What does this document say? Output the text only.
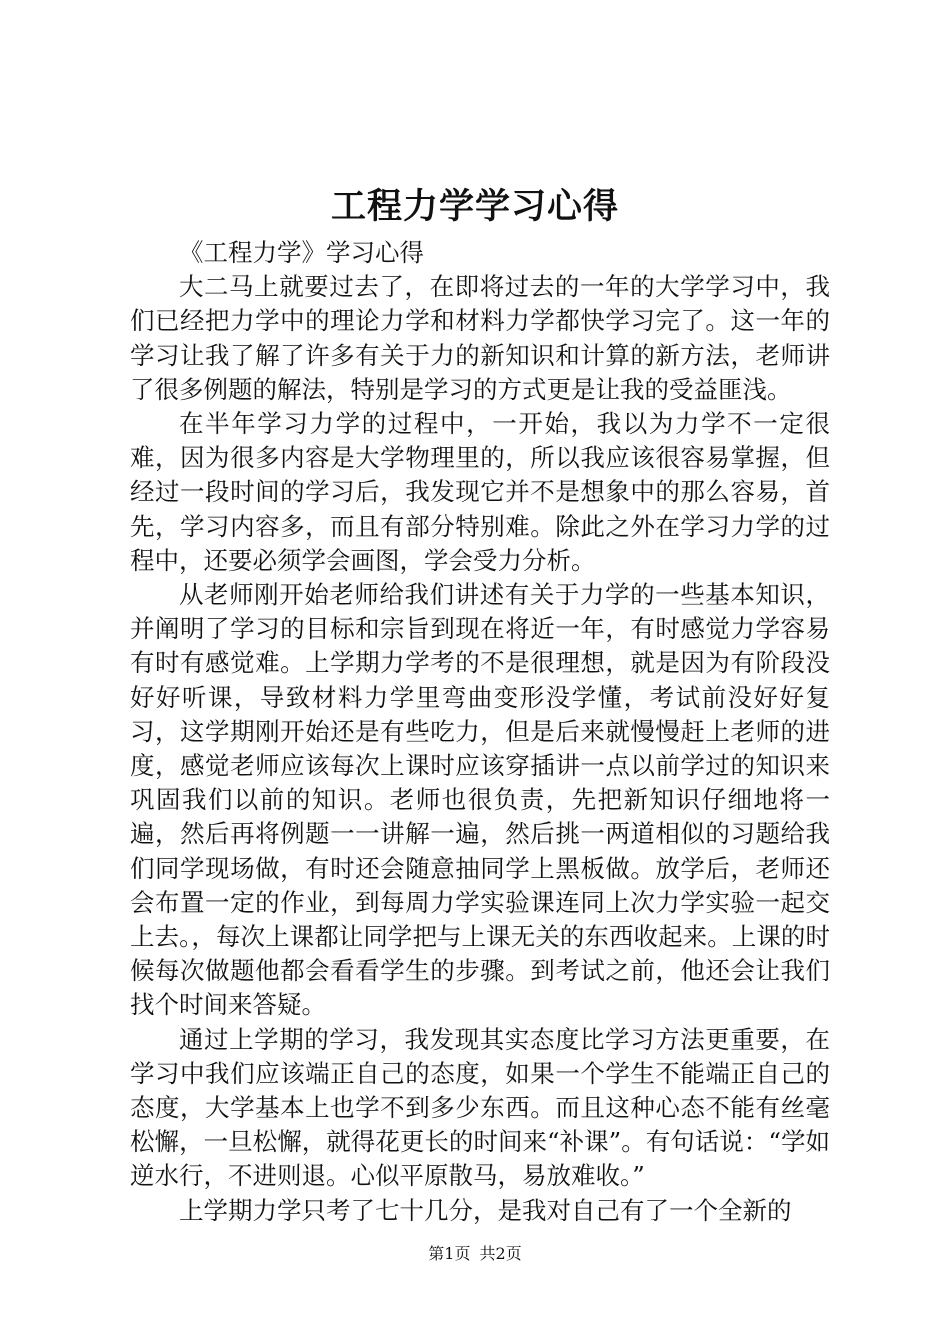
工程力学学习心得

《工程力学》学习心得

大二马上就要过去了，在即将过去的一年的大学学习中，我们已经把力学中的理论力学和材料力学都快学习完了。这一年的学习让我了解了许多有关于力的新知识和计算的新方法，老师讲了很多例题的解法，特别是学习的方式更是让我的受益匪浅。

在半年学习力学的过程中，一开始，我以为力学不一定很难，因为很多内容是大学物理里的，所以我应该很容易掌握，但经过一段时间的学习后，我发现它并不是想象中的那么容易，首先，学习内容多，而且有部分特别难。除此之外在学习力学的过程中，还要必须学会画图，学会受力分析。

从老师刚开始老师给我们讲述有关于力学的一些基本知识，并阐明了学习的目标和宗旨到现在将近一年，有时感觉力学容易有时有感觉难。上学期力学考的不是很理想，就是因为有阶段没好好听课，导致材料力学里弯曲变形没学懂，考试前没好好复习，这学期刚开始还是有些吃力，但是后来就慢慢赶上老师的进度，感觉老师应该每次上课时应该穿插讲一点以前学过的知识来巩固我们以前的知识。老师也很负责，先把新知识仔细地将一遍，然后再将例题一一讲解一遍，然后挑一两道相似的习题给我们同学现场做，有时还会随意抽同学上黑板做。放学后，老师还会布置一定的作业，到每周力学实验课连同上次力学实验一起交上去。，每次上课都让同学把与上课无关的东西收起来。上课的时候每次做题他都会看看学生的步骤。到考试之前，他还会让我们找个时间来答疑。

通过上学期的学习，我发现其实态度比学习方法更重要，在学习中我们应该端正自己的态度，如果一个学生不能端正自己的态度，大学基本上也学不到多少东西。而且这种心态不能有丝毫松懈，一旦松懈，就得花更长的时间来“补课”。有句话说：“学如逆水行，不进则退。心似平原散马，易放难收。”

上学期力学只考了七十几分，是我对自己有了一个全新的

第1页 共2页
